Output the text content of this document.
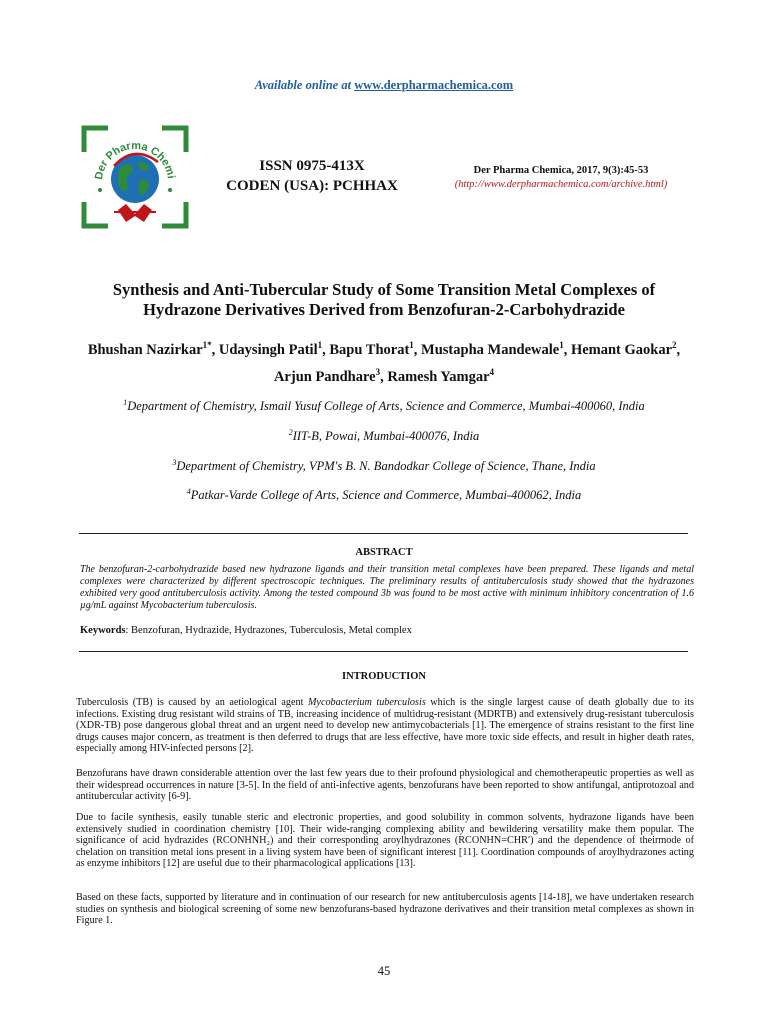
Available online at www.derpharmachemica.com
Der Pharma Chemi
ISSN 0975-413X
CODEN (USA): PCHHAX
Der Pharma Chemica, 2017, 9(3):45-53
(http://www.derpharmachemica.com/archive.html)
Synthesis and Anti-Tubercular Study of Some Transition Metal Complexes of
Hydrazone Derivatives Derived from Benzofuran-2-Carbohydrazide
Bhushan Nazirkar$^{1*}$, Udaysingh Patil$^1$, Bapu Thorat$^1$, Mustapha Mandewale$^1$, Hemant Gaokar$^2$, Arjun Pandhare$^3$, Ramesh Yamgar$^4$
$^1$Department of Chemistry, Ismail Yusuf College of Arts, Science and Commerce, Mumbai-400060, India
$^2$IIT-B, Powai, Mumbai-400076, India
$^3$Department of Chemistry, VPM's B. N. Bandodkar College of Science, Thane, India
$^4$Patkar-Varde College of Arts, Science and Commerce, Mumbai-400062, India
ABSTRACT
The benzofuran-2-carbohydrazide based new hydrazone ligands and their transition metal complexes have been prepared. These ligands and metal complexes were characterized by different spectroscopic techniques. The preliminary results of antituberculosis study showed that the hydrazones exhibited very good antituberculosis activity. Among the tested compound 3b was found to be most active with minimum inhibitory concentration of 1.6 µg/mL against Mycobacterium tuberculosis.
Keywords: Benzofuran, Hydrazide, Hydrazones, Tuberculosis, Metal complex
INTRODUCTION

Tuberculosis (TB) is caused by an aetiological agent Mycobacterium tuberculosis which is the single largest cause of death globally due to its infections. Existing drug resistant wild strains of TB, increasing incidence of multidrug-resistant (MDRTB) and extensively drug-resistant tuberculosis (XDR-TB) pose dangerous global threat and an urgent need to develop new antimycobacterials [1]. The emergence of strains resistant to the first line drugs causes major concern, as treatment is then deferred to drugs that are less effective, have more toxic side effects, and result in higher death rates, especially among HIV-infected persons [2].

Benzofurans have drawn considerable attention over the last few years due to their profound physiological and chemotherapeutic properties as well as their widespread occurrences in nature [3-5]. In the field of anti-infective agents, benzofurans have been reported to show antifungal, antiprotozoal and antitubercular activity [6-9].

Due to facile synthesis, easily tunable steric and electronic properties, and good solubility in common solvents, hydrazone ligands have been extensively studied in coordination chemistry [10]. Their wide-ranging complexing ability and bewildering versatility make them popular. The significance of acid hydrazides (RCONHNH₂) and their corresponding aroylhydrazones (RCONHN=CHR′) and the dependence of theirmode of chelation on transition metal ions present in a living system have been of significant interest [11]. Coordination compounds of aroylhydrazones acting as enzyme inhibitors [12] are useful due to their pharmacological applications [13].

Based on these facts, supported by literature and in continuation of our research for new antituberculosis agents [14-18], we have undertaken research studies on synthesis and biological screening of some new benzofurans-based hydrazone derivatives and their transition metal complexes as shown in Figure 1.

45
